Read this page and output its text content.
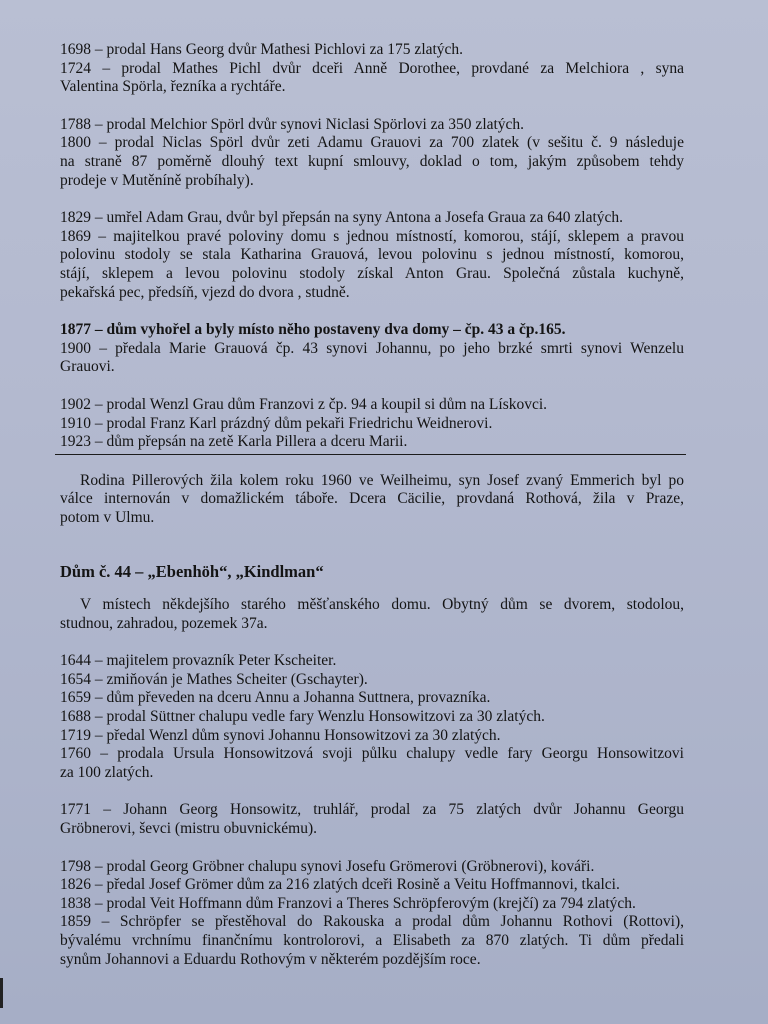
1698 – prodal Hans Georg dvůr Mathesi Pichlovi za 175 zlatých.
1724 – prodal Mathes Pichl dvůr dceři Anně Dorothee, provdané za Melchiora , syna
Valentina Spörla, řezníka a rychtáře.
1788 – prodal Melchior Spörl dvůr synovi Niclasi Spörlovi za 350 zlatých.
1800 – prodal Niclas Spörl dvůr zeti Adamu Grauovi za 700 zlatek (v sešitu č. 9 následuje
na straně 87 poměrně dlouhý text kupní smlouvy, doklad o tom, jakým způsobem tehdy
prodeje v Mutěníně probíhaly).
1829 – umřel Adam Grau, dvůr byl přepsán na syny Antona a Josefa Graua za 640 zlatých.
1869 – majitelkou pravé poloviny domu s jednou místností, komorou, stájí, sklepem a pravou
polovinu stodoly se stala Katharina Grauová, levou polovinu s jednou místností, komorou,
stájí, sklepem a levou polovinu stodoly získal Anton Grau. Společná zůstala kuchyně,
pekařská pec, předsíň, vjezd do dvora , studně.
1877 – dům vyhořel a byly místo něho postaveny dva domy – čp. 43 a čp.165.
1900 – předala Marie Grauová čp. 43 synovi Johannu, po jeho brzké smrti synovi Wenzelu
Grauovi.
1902 – prodal Wenzl Grau dům Franzovi z čp. 94 a koupil si dům na Lískovci.
1910 – prodal Franz Karl prázdný dům pekaři Friedrichu Weidnerovi.
1923 – dům přepsán na zetě Karla Pillera a dceru Marii.
Rodina Pillerových žila kolem roku 1960 ve Weilheimu, syn Josef zvaný Emmerich byl po
válce internován v domažlickém táboře. Dcera Cäcilie, provdaná Rothová, žila v Praze,
potom v Ulmu.
Dům č. 44 – „Ebenhöh“, „Kindlman“
V místech někdejšího starého měšťanského domu. Obytný dům se dvorem, stodolou,
studnou, zahradou, pozemek 37a.
1644 – majitelem provazník Peter Kscheiter.
1654 – zmiňován je Mathes Scheiter (Gschayter).
1659 – dům převeden na dceru Annu a Johanna Suttnera, provazníka.
1688 – prodal Süttner chalupu vedle fary Wenzlu Honsowitzovi za 30 zlatých.
1719 – předal Wenzl dům synovi Johannu Honsowitzovi za 30 zlatých.
1760 – prodala Ursula Honsowitzová svoji půlku chalupy vedle fary Georgu Honsowitzovi
za 100 zlatých.
1771 – Johann Georg Honsowitz, truhlář, prodal za 75 zlatých dvůr Johannu Georgu
Gröbnerovi, ševci (mistru obuvnickému).
1798 – prodal Georg Gröbner chalupu synovi Josefu Grömerovi (Gröbnerovi), kováři.
1826 – předal Josef Grömer dům za 216 zlatých dceři Rosině a Veitu Hoffmannovi, tkalci.
1838 – prodal Veit Hoffmann dům Franzovi a Theres Schröpferovým (krejčí) za 794 zlatých.
1859 – Schröpfer se přestěhoval do Rakouska a prodal dům Johannu Rothovi (Rottovi),
bývalému vrchnímu finančnímu kontrolorovi, a Elisabeth za 870 zlatých. Ti dům předali
synům Johannovi a Eduardu Rothovým v některém pozdějším roce.
